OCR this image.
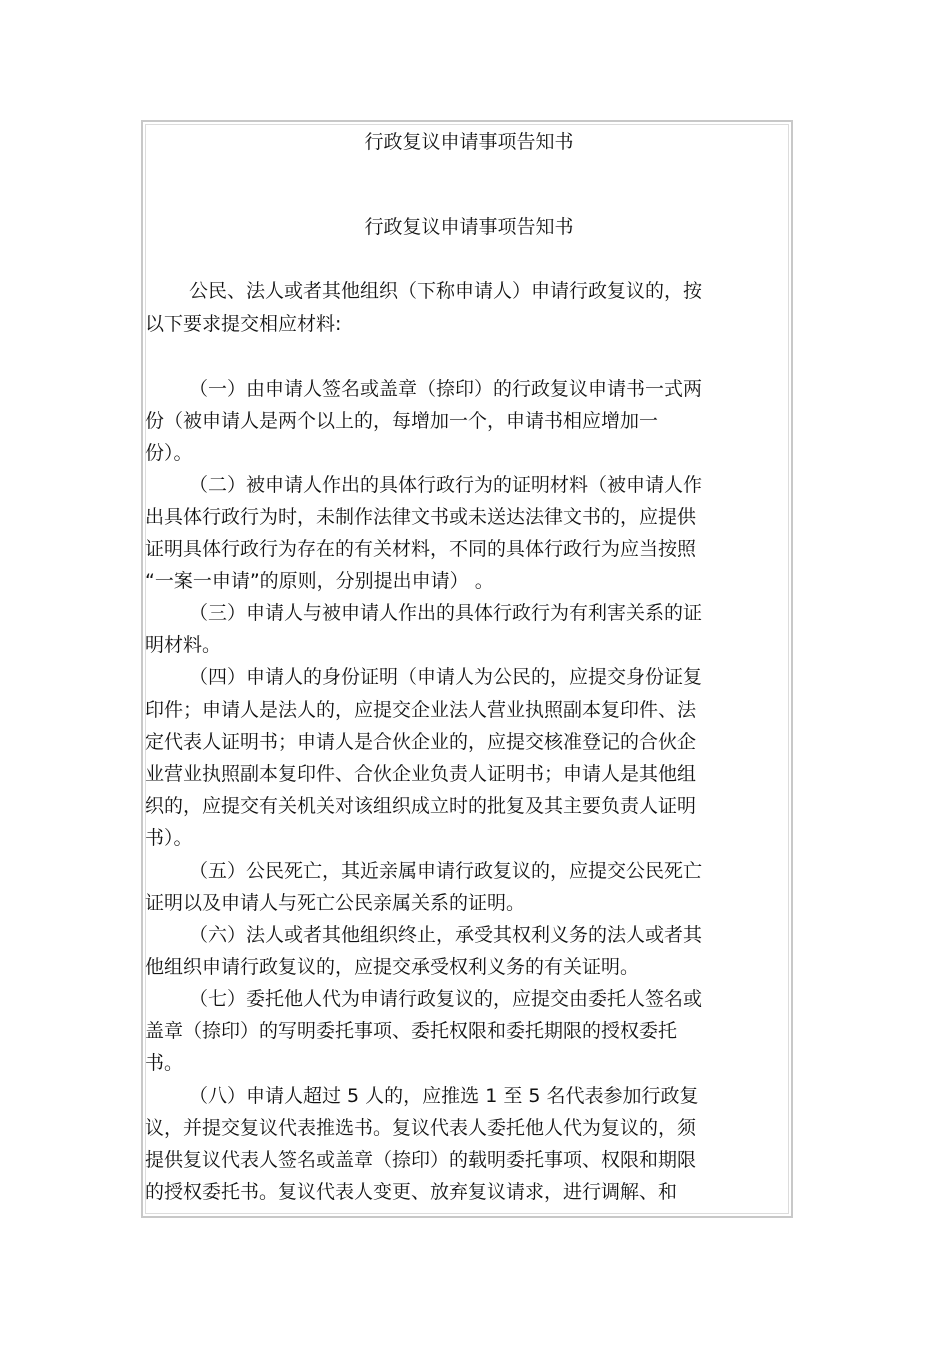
行政复议申请事项告知书
行政复议申请事项告知书
公民、法人或者其他组织（下称申请人）申请行政复议的，按
以下要求提交相应材料:
（一）由申请人签名或盖章（捺印）的行政复议申请书一式两
份（被申请人是两个以上的，每增加一个，申请书相应增加一
份）。
（二）被申请人作出的具体行政行为的证明材料（被申请人作
出具体行政行为时，未制作法律文书或未送达法律文书的，应提供
证明具体行政行为存在的有关材料，不同的具体行政行为应当按照
“一案一申请”的原则，分别提出申请） 。
（三）申请人与被申请人作出的具体行政行为有利害关系的证
明材料。
（四）申请人的身份证明（申请人为公民的，应提交身份证复
印件；申请人是法人的，应提交企业法人营业执照副本复印件、法
定代表人证明书；申请人是合伙企业的，应提交核准登记的合伙企
业营业执照副本复印件、合伙企业负责人证明书；申请人是其他组
织的，应提交有关机关对该组织成立时的批复及其主要负责人证明
书）。
（五）公民死亡，其近亲属申请行政复议的，应提交公民死亡
证明以及申请人与死亡公民亲属关系的证明。
（六）法人或者其他组织终止，承受其权利义务的法人或者其
他组织申请行政复议的，应提交承受权利义务的有关证明。
（七）委托他人代为申请行政复议的，应提交由委托人签名或
盖章（捺印）的写明委托事项、委托权限和委托期限的授权委托
书。
（八）申请人超过 5 人的，应推选 1 至 5 名代表参加行政复
议，并提交复议代表推选书。复议代表人委托他人代为复议的，须
提供复议代表人签名或盖章（捺印）的载明委托事项、权限和期限
的授权委托书。复议代表人变更、放弃复议请求，进行调解、和
